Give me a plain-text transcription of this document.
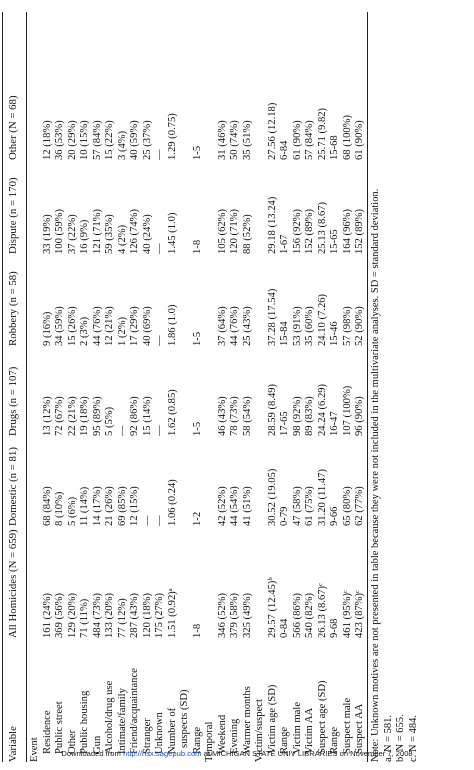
Variable
All Homicides (N = 659)
Domestic (n = 81)
Drugs (n = 107)
Robbery (n = 58)
Dispute (n = 170)
Other (N = 68)
Event Residence
161 (24%)
68 (84%)
13 (12%)
9 (16%)
33 (19%)
12 (18%)
Public street
369 (56%)
8 (10%)
72 (67%)
34 (59%)
100 (59%)
36 (53%)
Other
129 (20%)
5 (6%)
22 (21%)
15 (26%)
37 (22%)
20 (29%)
Public housing
71 (11%)
11 (14%)
19 (18%)
2 (3%)
16 (9%)
10 (15%)
Gun
484 (73%)
14 (17%)
95 (89%)
44 (76%)
121 (71%)
57 (84%)
Alcohol/drug use
133 (20%)
21 (26%)
5 (5%)
12 (21%)
59 (35%)
15 (22%)
Intimate/family
77 (12%)
69 (85%)
—
1 (2%)
4 (2%)
3 (4%)
Friend/acquaintance
287 (43%)
12 (15%)
92 (86%)
17 (29%)
126 (74%)
40 (59%)
Stranger
120 (18%)
—
15 (14%)
40 (69%)
40 (24%)
25 (37%)
Unknown
175 (27%)
—
—
—
—
—
Number of
1.51 (0.92)ᵃ
1.06 (0.24)
1.62 (0.85)
1.86 (1.0)
1.45 (1.0)
1.29 (0.75)
suspects (SD) Range
1-8
1-2
1-5
1-5
1-8
1-5
Temporal Weekend
346 (52%)
42 (52%)
46 (43%)
37 (64%)
105 (62%)
31 (46%)
Evening
379 (58%)
44 (54%)
78 (73%)
44 (76%)
120 (71%)
50 (74%)
Warmer months
325 (49%)
41 (51%)
58 (54%)
25 (43%)
88 (52%)
35 (51%)
Victim/suspect Victim age (SD)
29.57 (12.45)ᵇ
30.52 (19.05)
28.59 (8.49)
37.28 (17.54)
29.18 (13.24)
27.56 (12.18)
Range
0-84
0-79
17-65
15-84
1-67
6-84
Victim male
566 (86%)
47 (58%)
98 (92%)
53 (91%)
156 (92%)
61 (90%)
Victim AA
540 (82%)
61 (75%)
89 (83%)
35 (60%)
152 (89%)
57 (84%)
Suspect age (SD)
26.13 (8.67)ᶜ
31.20 (11.47)
24.24 (6.29)
24.10 (7.26)
25.13 (8.67)
25.71 (9.82)
Range
9-68
9-66
16-47
15-46
15-65
15-68
Suspect male
461 (95%)ᶜ
65 (80%)
107 (100%)
57 (98%)
164 (96%)
68 (100%)
Suspect AA
423 (87%)ᶜ
62 (77%)
96 (90%)
52 (90%)
152 (89%)
61 (90%)
Note: Unknown motives are not presented in table because they were not included in the multivariate analyses. SD = standard deviation. a. N = 581. b. N = 655. c. N = 484.
Downloaded from http://hsx.sagepub.com at MICHIGAN STATE UNIV LIBRARIES on November 7, 2008
